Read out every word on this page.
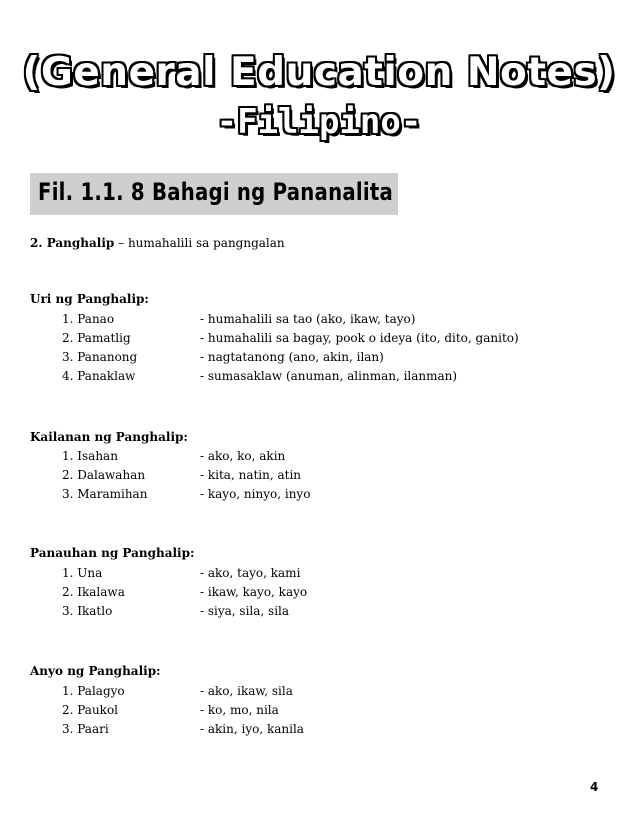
(General Education Notes)
-Filipino-
Fil. 1.1. 8 Bahagi ng Pananalita
2. Panghalip – humahalili sa pangngalan
Uri ng Panghalip:
1. Panao	- humahalili sa tao (ako, ikaw, tayo)
2. Pamatlig	- humahalili sa bagay, pook o ideya (ito, dito, ganito)
3. Pananong	- nagtatanong (ano, akin, ilan)
4. Panaklaw	- sumasaklaw (anuman, alinman, ilanman)
Kailanan ng Panghalip:
1. Isahan	- ako, ko, akin
2. Dalawahan	- kita, natin, atin
3. Maramihan	- kayo, ninyo, inyo
Panauhan ng Panghalip:
1. Una	- ako, tayo, kami
2. Ikalawa	- ikaw, kayo, kayo
3. Ikatlo	- siya, sila, sila
Anyo ng Panghalip:
1. Palagyo	- ako, ikaw, sila
2. Paukol	- ko, mo, nila
3. Paari	- akin, iyo, kanila
4
